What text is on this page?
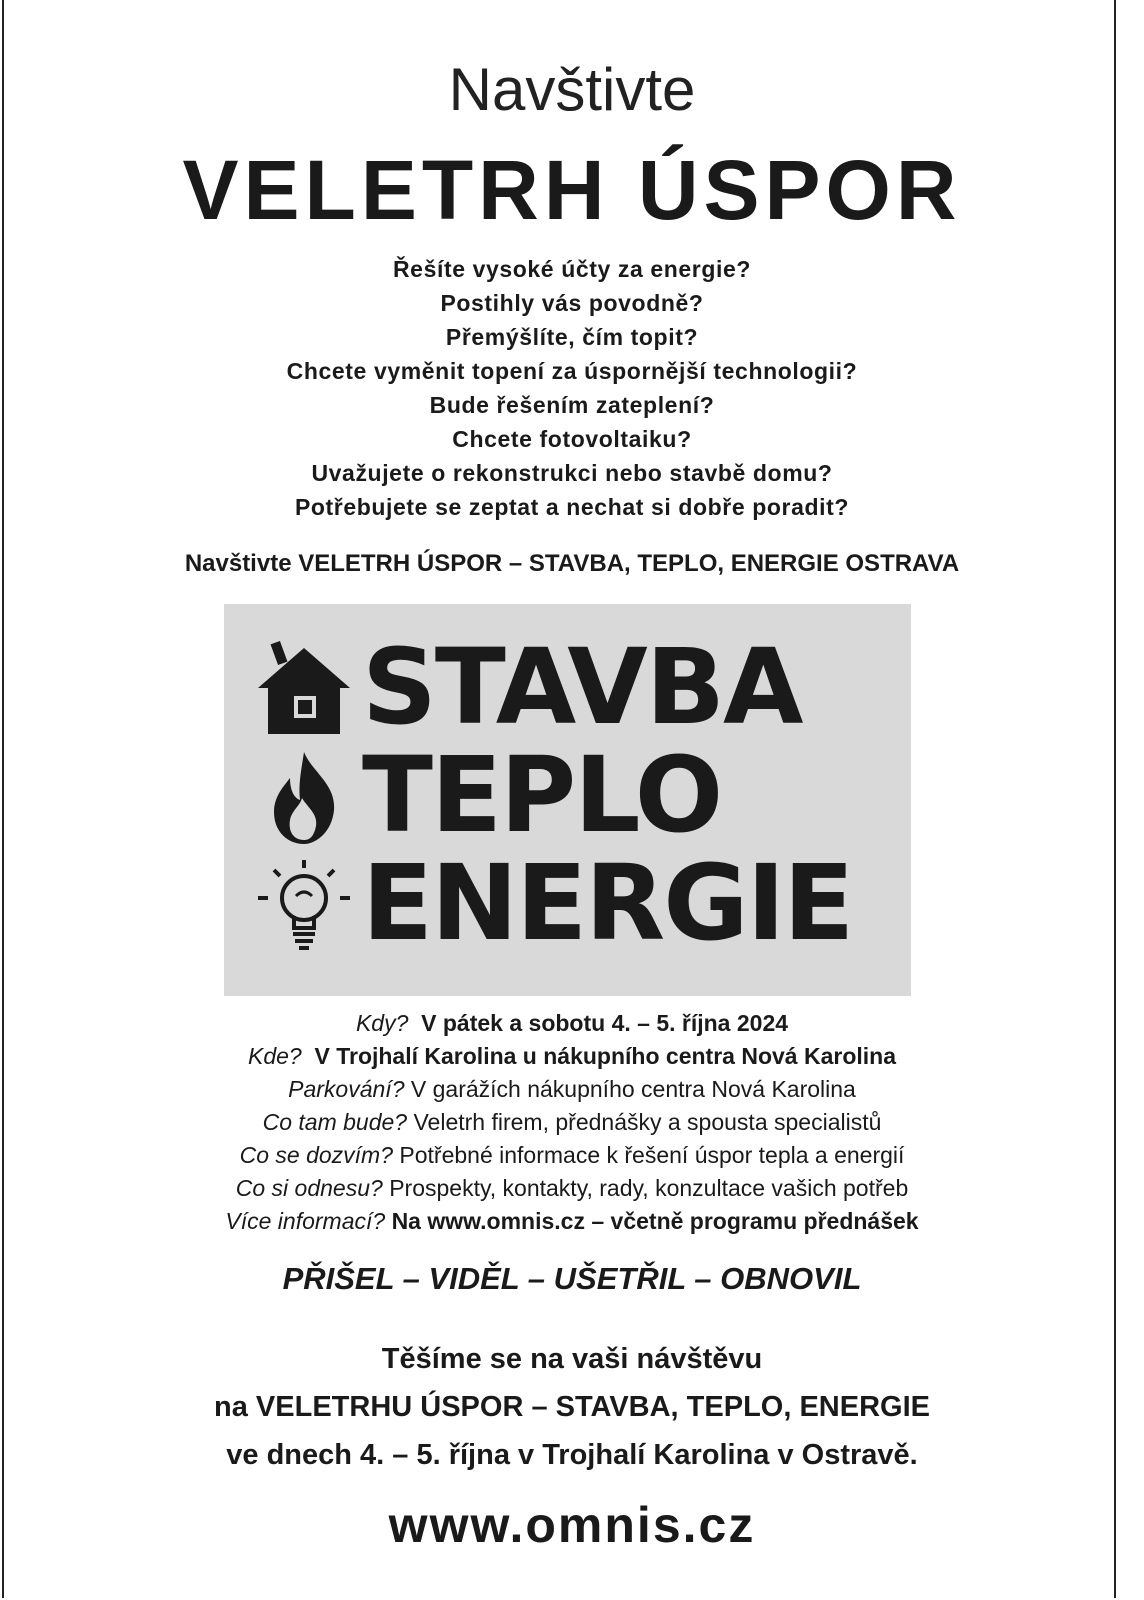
Navštivte
VELETRH ÚSPOR
Řešíte vysoké účty za energie?
Postihly vás povodně?
Přemýšlíte, čím topit?
Chcete vyměnit topení za úspornější technologii?
Bude řešením zateplení?
Chcete fotovoltaiku?
Uvažujete o rekonstrukci nebo stavbě domu?
Potřebujete se zeptat a nechat si dobře poradit?
Navštivte VELETRH ÚSPOR – STAVBA, TEPLO, ENERGIE OSTRAVA
STAVBA
TEPLO
ENERGIE
Kdy? V pátek a sobotu 4. – 5. října 2024
Kde? V Trojhalí Karolina u nákupního centra Nová Karolina
Parkování? V garážích nákupního centra Nová Karolina
Co tam bude? Veletrh firem, přednášky a spousta specialistů
Co se dozvím? Potřebné informace k řešení úspor tepla a energií
Co si odnesu? Prospekty, kontakty, rady, konzultace vašich potřeb
Více informací? Na www.omnis.cz – včetně programu přednášek
PŘIŠEL – VIDĚL – UŠETŘIL – OBNOVIL
Těšíme se na vaši návštěvu
na VELETRHU ÚSPOR – STAVBA, TEPLO, ENERGIE
ve dnech 4. – 5. října v Trojhalí Karolina v Ostravě.
www.omnis.cz
